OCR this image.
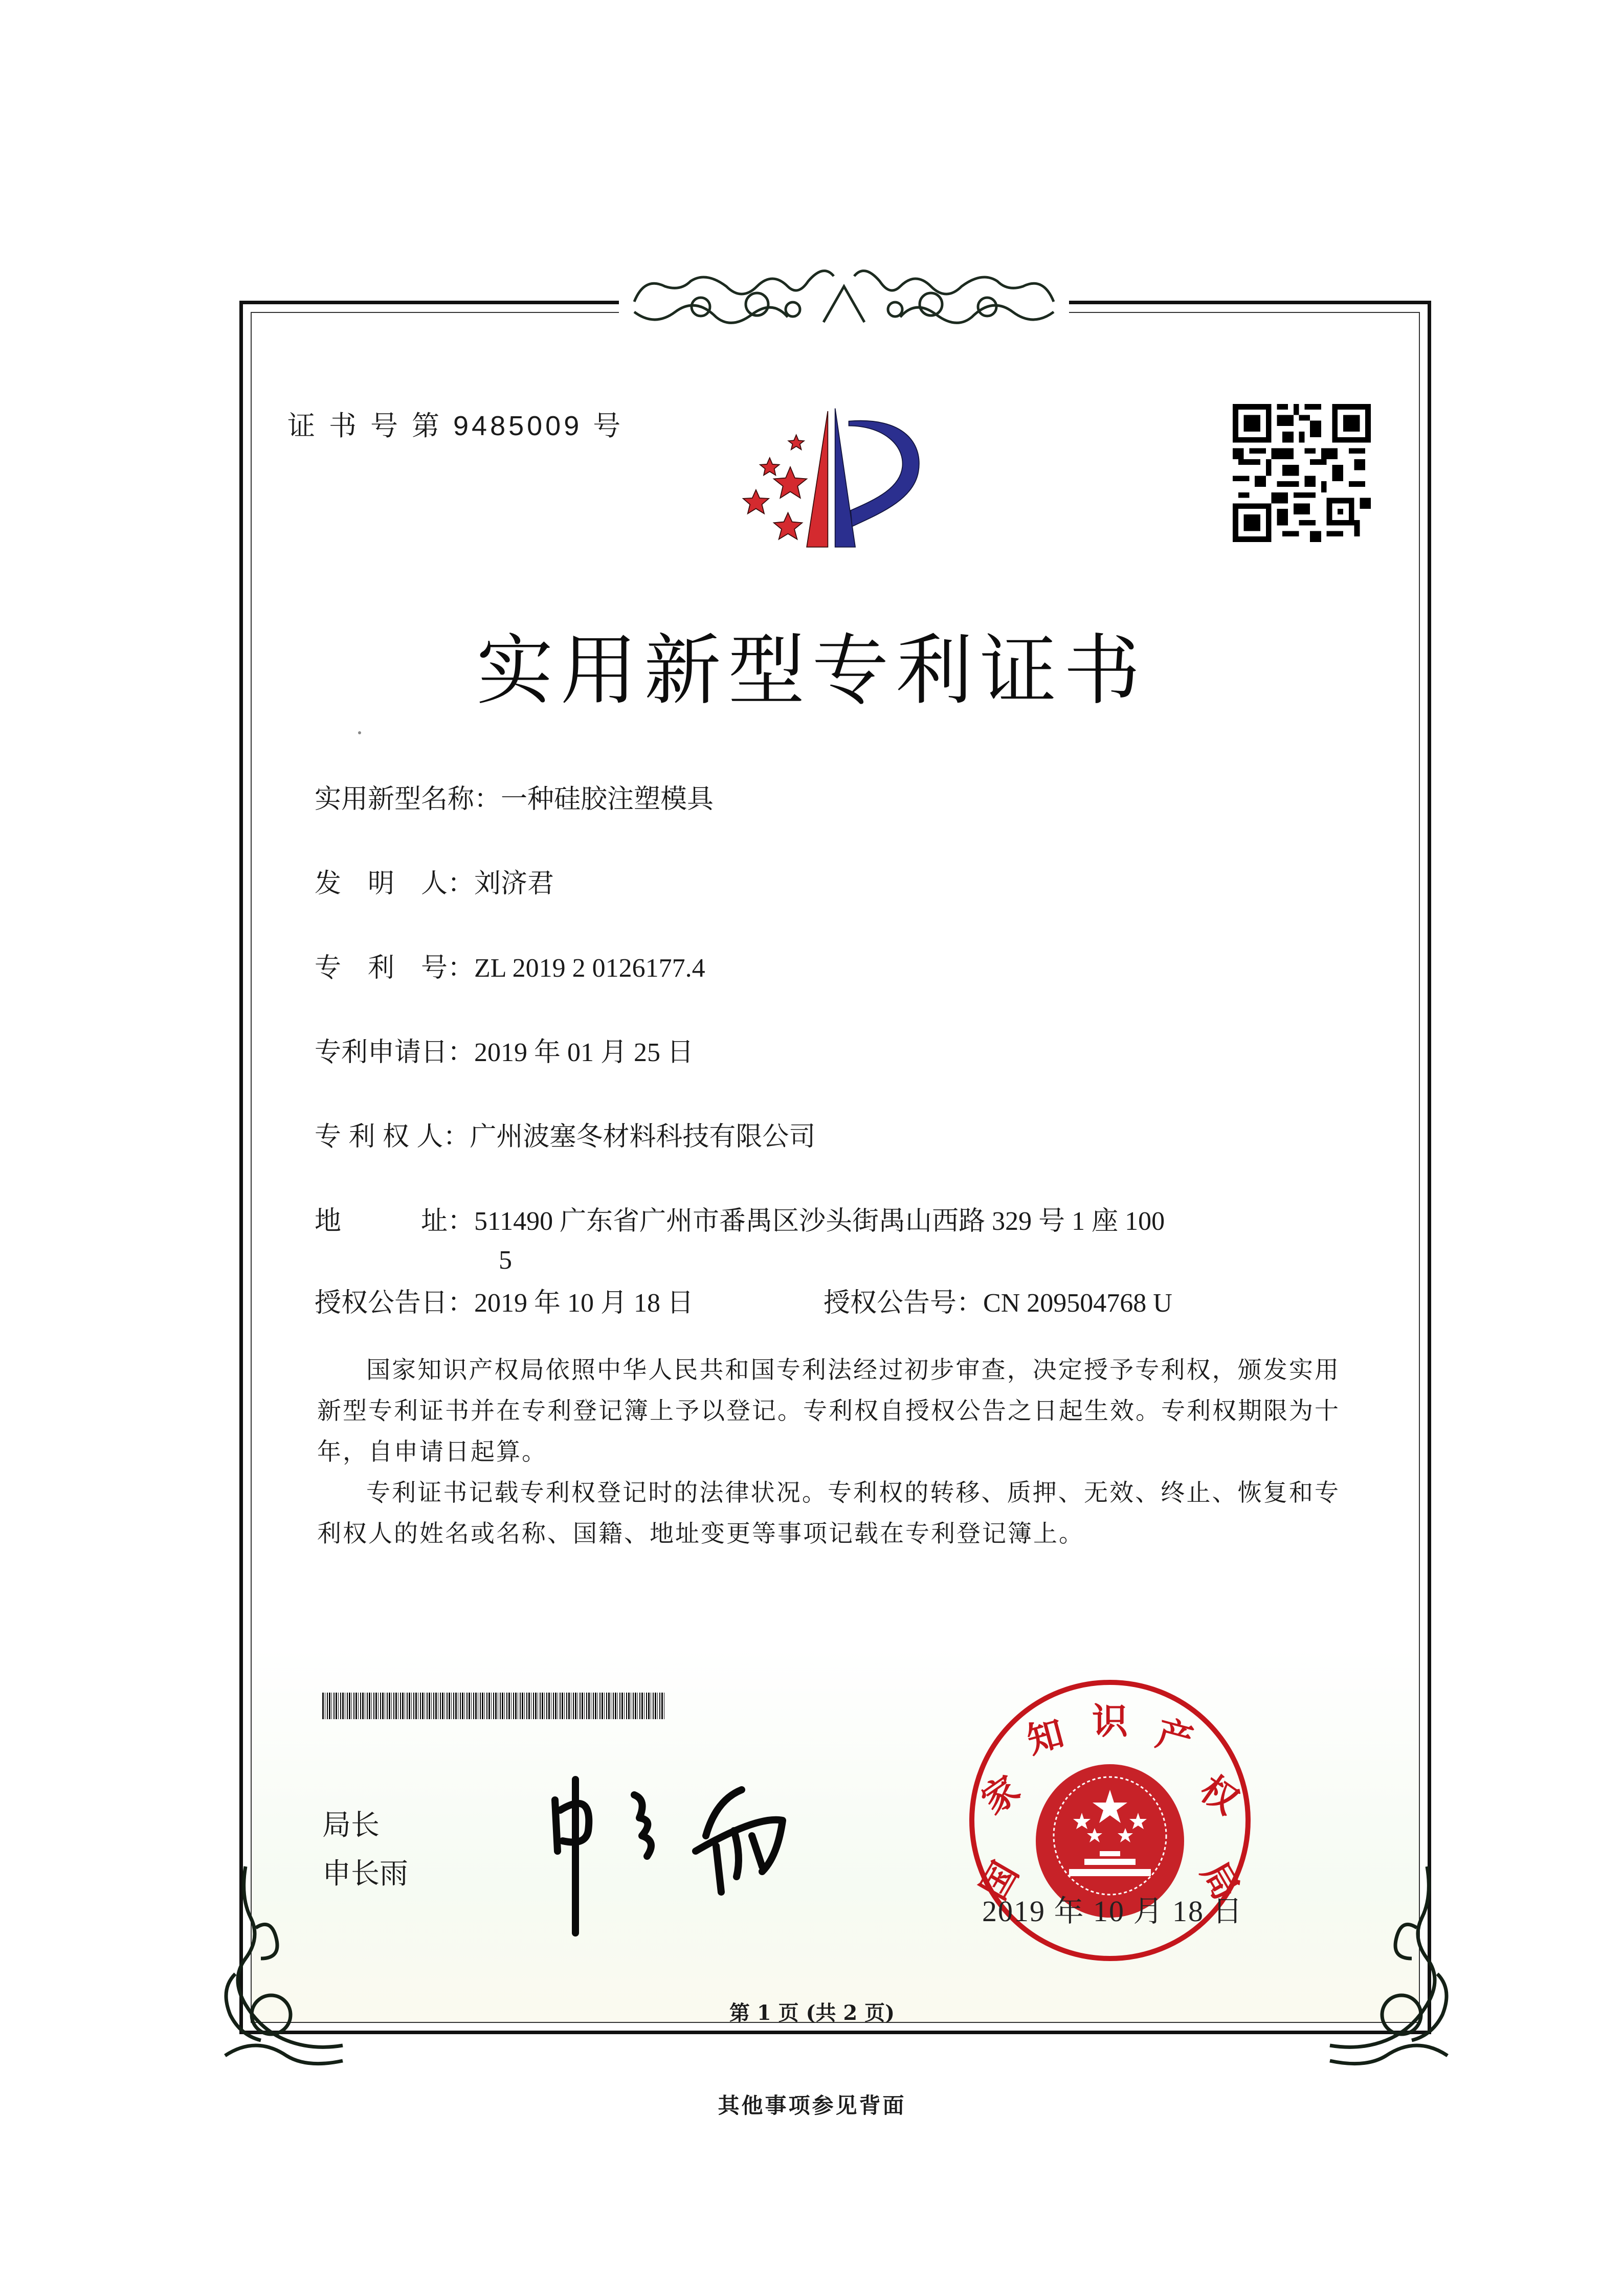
证 书 号 第 9485009 号
实用新型专利证书
实用新型名称：一种硅胶注塑模具
发　明　人：刘济君
专　利　号：ZL 2019 2 0126177.4
专利申请日：2019 年 01 月 25 日
专 利 权 人：广州波塞冬材料科技有限公司
地　　　址：511490 广东省广州市番禺区沙头街禺山西路 329 号 1 座 100
5
授权公告日：2019 年 10 月 18 日	授权公告号：CN 209504768 U
国家知识产权局依照中华人民共和国专利法经过初步审查，决定授予专利权，颁发实用新型专利证书并在专利登记簿上予以登记。专利权自授权公告之日起生效。专利权期限为十年，自申请日起算。
专利证书记载专利权登记时的法律状况。专利权的转移、质押、无效、终止、恢复和专利权人的姓名或名称、国籍、地址变更等事项记载在专利登记簿上。
局长
申长雨	国
家
知 识 产
权
局
2019 年 10 月 18 日
第 1 页 (共 2 页)
其他事项参见背面
